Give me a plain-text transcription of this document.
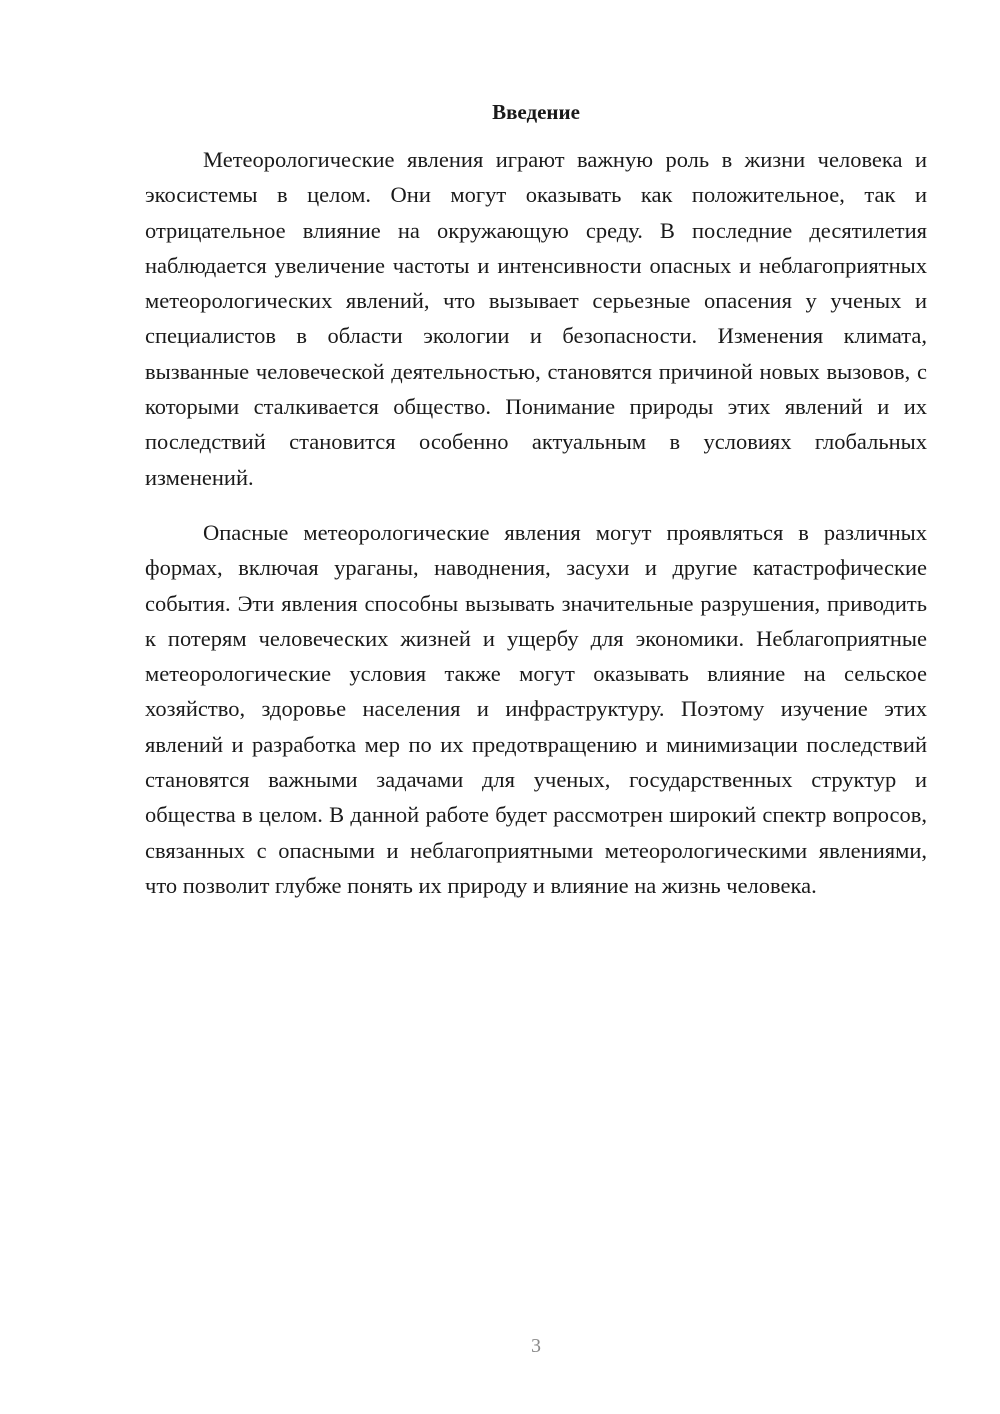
Введение

Метеорологические явления играют важную роль в жизни человека и экосистемы в целом. Они могут оказывать как положительное, так и отрицательное влияние на окружающую среду. В последние десятилетия наблюдается увеличение частоты и интенсивности опасных и неблагоприятных метеорологических явлений, что вызывает серьезные опасения у ученых и специалистов в области экологии и безопасности. Изменения климата, вызванные человеческой деятельностью, становятся причиной новых вызовов, с которыми сталкивается общество. Понимание природы этих явлений и их последствий становится особенно актуальным в условиях глобальных изменений.

Опасные метеорологические явления могут проявляться в различных формах, включая ураганы, наводнения, засухи и другие катастрофические события. Эти явления способны вызывать значительные разрушения, приводить к потерям человеческих жизней и ущербу для экономики. Неблагоприятные метеорологические условия также могут оказывать влияние на сельское хозяйство, здоровье населения и инфраструктуру. Поэтому изучение этих явлений и разработка мер по их предотвращению и минимизации последствий становятся важными задачами для ученых, государственных структур и общества в целом. В данной работе будет рассмотрен широкий спектр вопросов, связанных с опасными и неблагоприятными метеорологическими явлениями, что позволит глубже понять их природу и влияние на жизнь человека.

3
